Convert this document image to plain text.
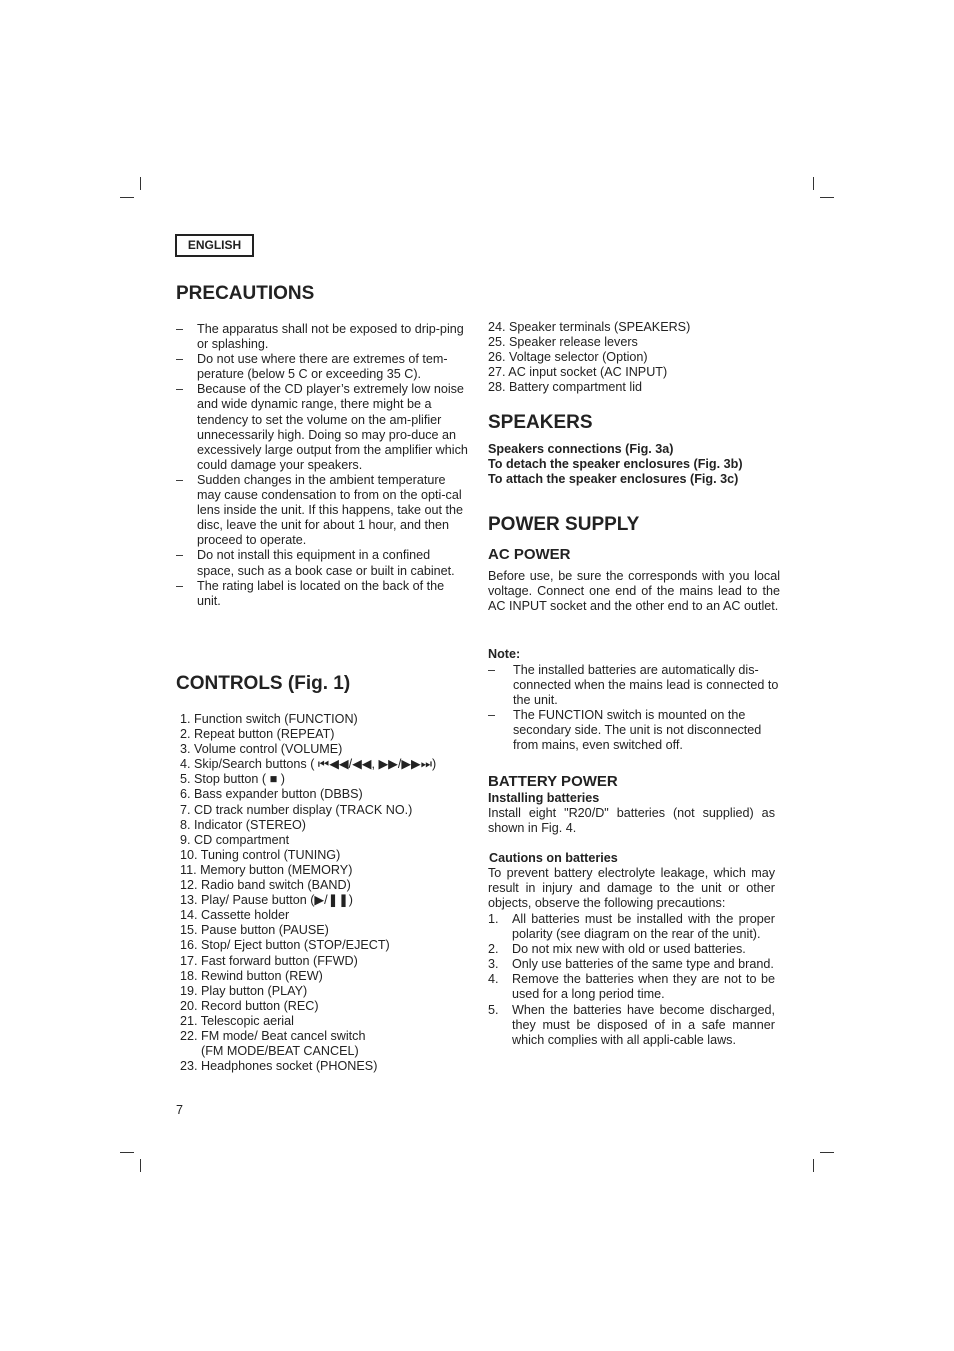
ENGLISH
PRECAUTIONS
– The apparatus shall not be exposed to drip-ping or splashing.
– Do not use where there are extremes of tem-perature (below 5 C or exceeding 35 C).
– Because of the CD player’s extremely low noise and wide dynamic range, there might be a tendency to set the volume on the am-plifier unnecessarily high. Doing so may pro-duce an excessively large output from the amplifier which could damage your speakers.
– Sudden changes in the ambient temperature may cause condensation to from on the opti-cal lens inside the unit. If this happens, take out the disc, leave the unit for about 1 hour, and then proceed to operate.
– Do not install this equipment in a confined space, such as a book case or built in cabinet.
– The rating label is located on the back of the unit.
CONTROLS (Fig. 1)
1. Function switch (FUNCTION)
2. Repeat button (REPEAT)
3. Volume control (VOLUME)
4. Skip/Search buttons ( ⏮◀◀/◀◀, ▶▶/▶▶⏭)
5. Stop button ( ■ )
6. Bass expander button (DBBS)
7. CD track number display (TRACK NO.)
8. Indicator (STEREO)
9. CD compartment
10. Tuning control (TUNING)
11. Memory button (MEMORY)
12. Radio band switch (BAND)
13. Play/ Pause button (▶/❚❚)
14. Cassette holder
15. Pause button (PAUSE)
16. Stop/ Eject button (STOP/EJECT)
17. Fast forward button (FFWD)
18. Rewind button (REW)
19. Play button (PLAY)
20. Record button (REC)
21. Telescopic aerial
22. FM mode/ Beat cancel switch
(FM MODE/BEAT CANCEL)
23. Headphones socket (PHONES)
7
24. Speaker terminals (SPEAKERS)
25. Speaker release levers
26. Voltage selector (Option)
27. AC input socket (AC INPUT)
28. Battery compartment lid
SPEAKERS
Speakers connections (Fig. 3a)
To detach the speaker enclosures (Fig. 3b)
To attach the speaker enclosures (Fig. 3c)
POWER SUPPLY
AC POWER

Before use, be sure the corresponds with you local voltage. Connect one end of the mains lead to the AC INPUT socket and the other end to an AC outlet.

Note:

– The installed batteries are automatically dis-connected when the mains lead is connected to the unit.
– The FUNCTION switch is mounted on the secondary side. The unit is not disconnected from mains, even switched off.
BATTERY POWER

Installing batteries

Install eight "R20/D" batteries (not supplied) as shown in Fig. 4.

Cautions on batteries

To prevent battery electrolyte leakage, which may result in injury and damage to the unit or other objects, observe the following precautions:

1. All batteries must be installed with the proper polarity (see diagram on the rear of the unit).
2. Do not mix new with old or used batteries.
3. Only use batteries of the same type and brand.
4. Remove the batteries when they are not to be used for a long period time.
5. When the batteries have become discharged, they must be disposed of in a safe manner which complies with all appli-cable laws.
